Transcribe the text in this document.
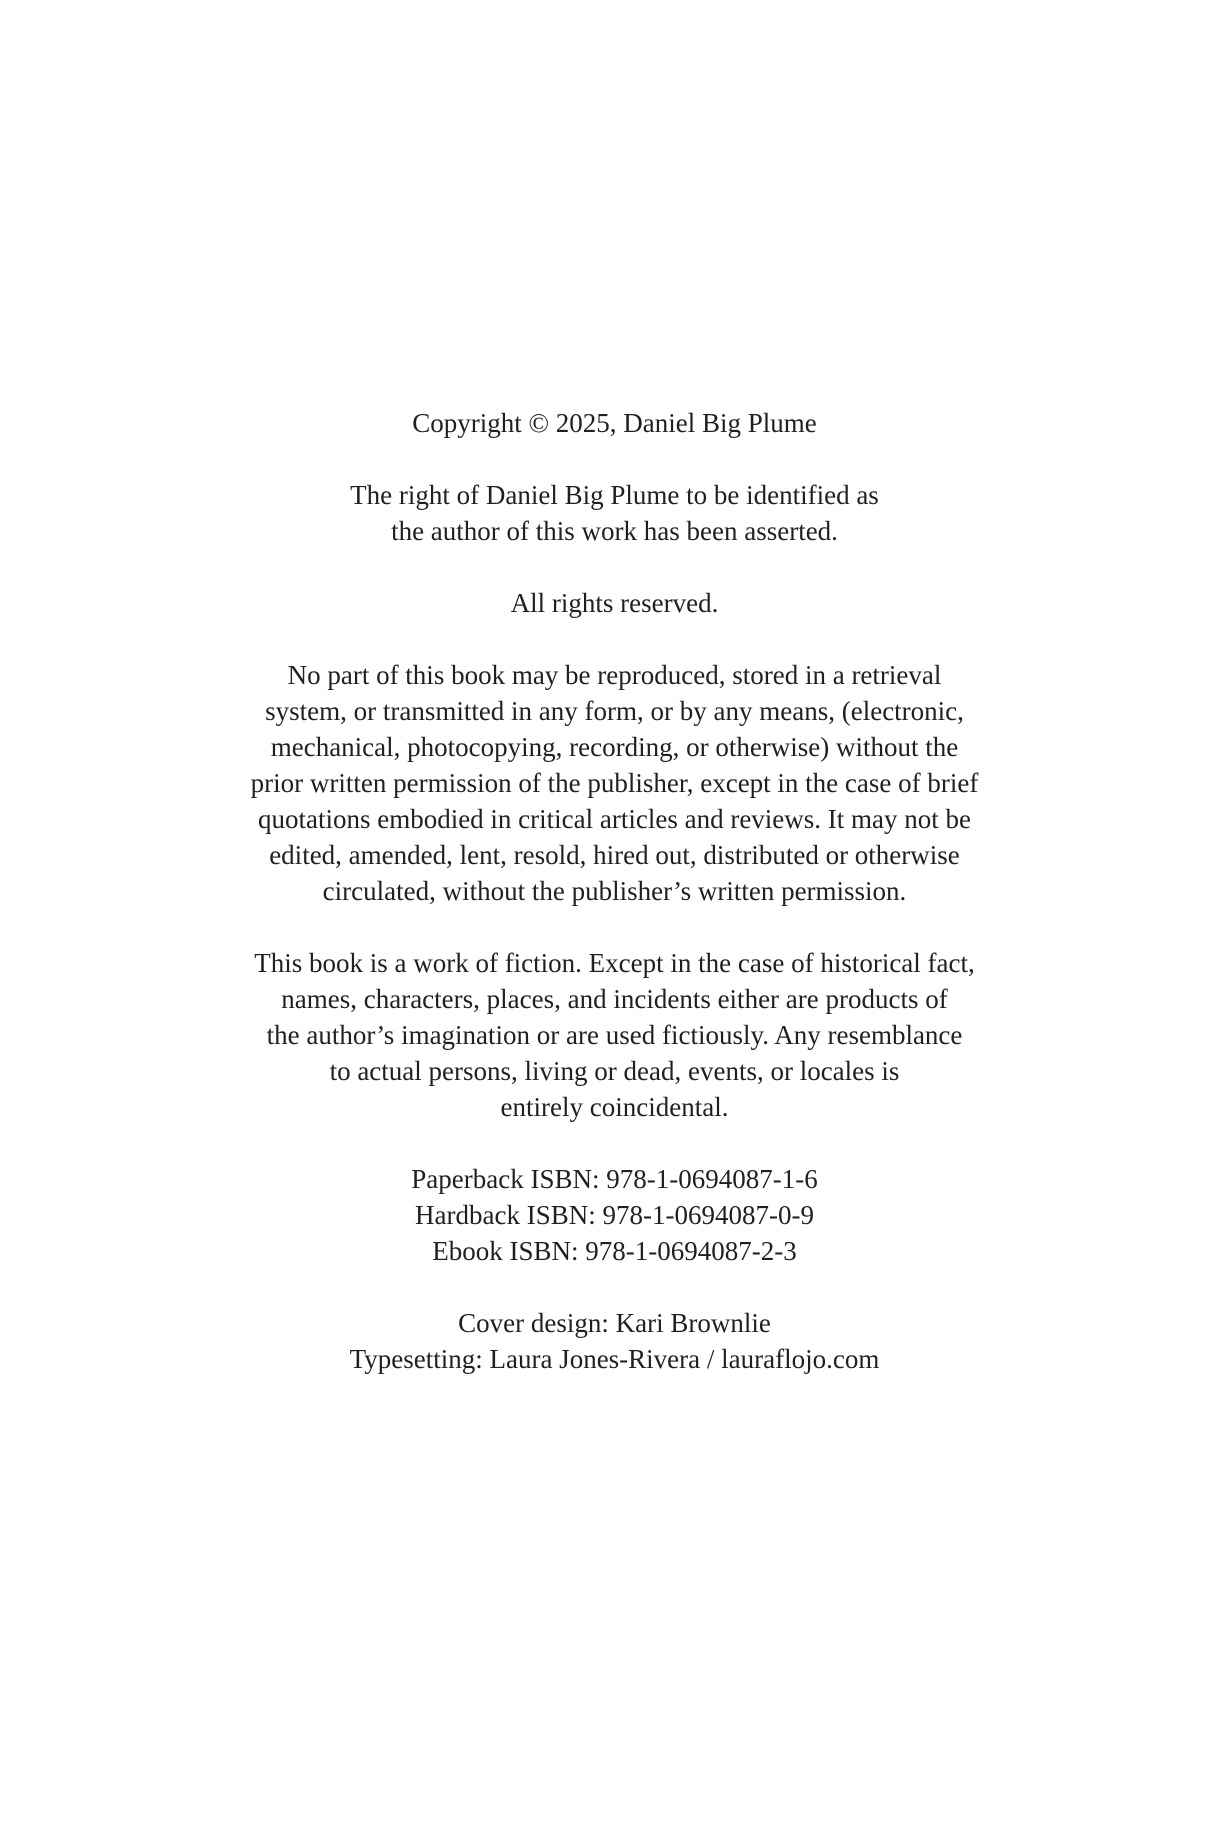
Copyright © 2025, Daniel Big Plume
The right of Daniel Big Plume to be identified as
the author of this work has been asserted.
All rights reserved.
No part of this book may be reproduced, stored in a retrieval
system, or transmitted in any form, or by any means, (electronic,
mechanical, photocopying, recording, or otherwise) without the
prior written permission of the publisher, except in the case of brief
quotations embodied in critical articles and reviews. It may not be
edited, amended, lent, resold, hired out, distributed or otherwise
circulated, without the publisher’s written permission.
This book is a work of fiction. Except in the case of historical fact,
names, characters, places, and incidents either are products of
the author’s imagination or are used fictiously. Any resemblance
to actual persons, living or dead, events, or locales is
entirely coincidental.
Paperback ISBN: 978-1-0694087-1-6
Hardback ISBN: 978-1-0694087-0-9
Ebook ISBN: 978-1-0694087-2-3
Cover design: Kari Brownlie
Typesetting: Laura Jones-Rivera / lauraflojo.com
